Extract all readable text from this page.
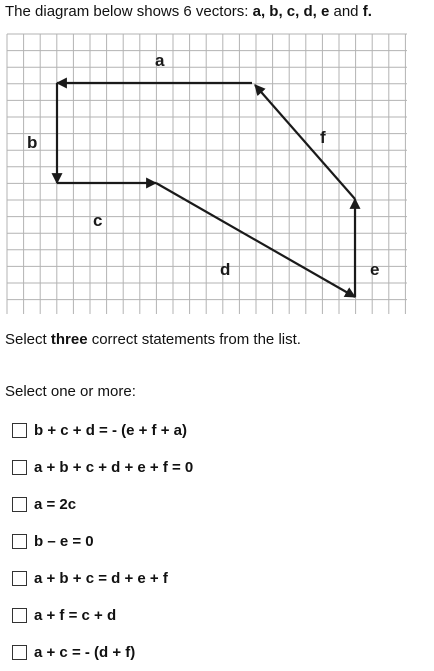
The diagram below shows 6 vectors: a, b, c, d, e and f.
a
b
c
d	e
f
Select three correct statements from the list.
Select one or more:
b + c + d = - (e + f + a)
a + b + c + d + e + f = 0
a = 2c
b – e = 0
a + b + c = d + e + f
a + f = c + d
a + c = - (d + f)
